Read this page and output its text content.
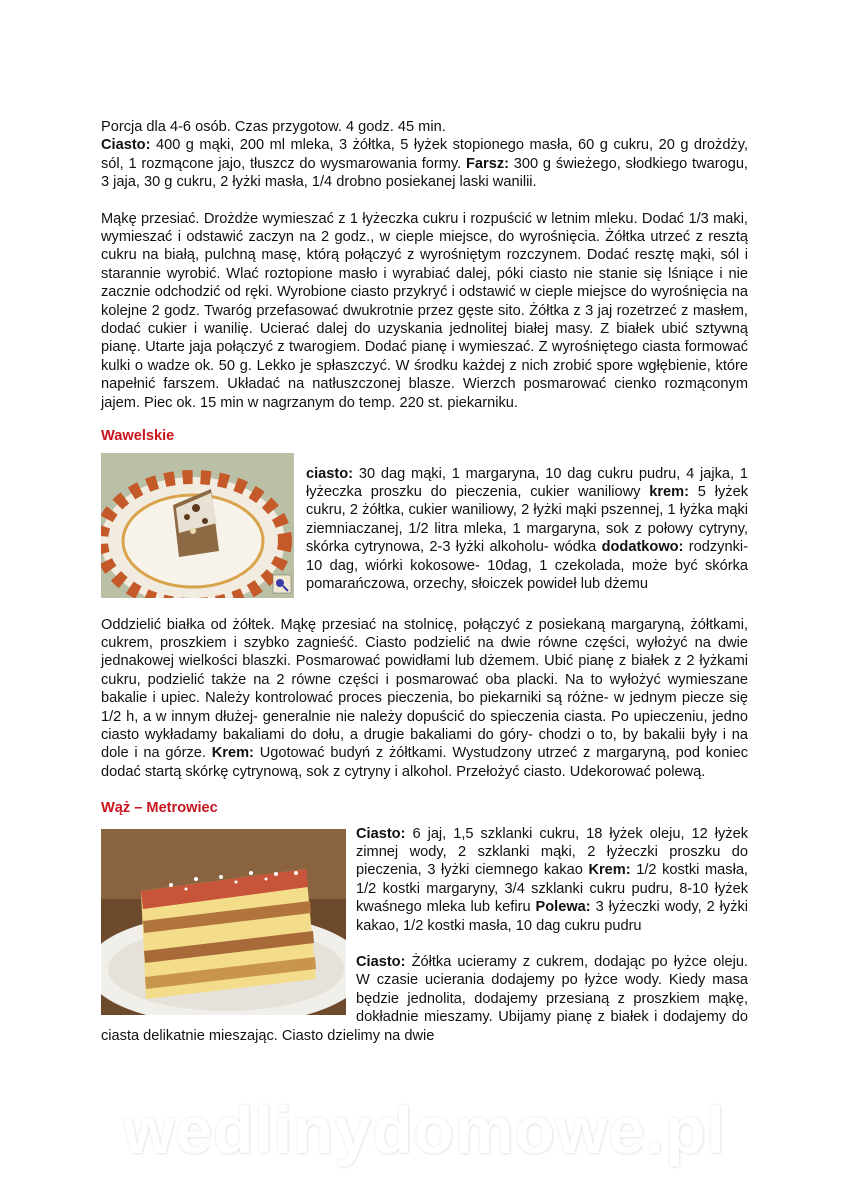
Porcja dla 4-6 osób. Czas przygotow. 4 godz. 45 min.
Ciasto: 400 g mąki, 200 ml mleka, 3 żółtka, 5 łyżek stopionego masła, 60 g cukru, 20 g drożdży, sól, 1 rozmącone jajo, tłuszcz do wysmarowania formy. Farsz: 300 g świeżego, słodkiego twarogu, 3 jaja, 30 g cukru, 2 łyżki masła, 1/4 drobno posiekanej laski wanilii.

Mąkę przesiać. Drożdże wymieszać z 1 łyżeczka cukru i rozpuścić w letnim mleku. Dodać 1/3 maki, wymieszać i odstawić zaczyn na 2 godz., w cieple miejsce, do wyrośnięcia. Żółtka utrzeć z resztą cukru na białą, pulchną masę, którą połączyć z wyrośniętym rozczynem. Dodać resztę mąki, sól i starannie wyrobić. Wlać roztopione masło i wyrabiać dalej, póki ciasto nie stanie się lśniące i nie zacznie odchodzić od ręki. Wyrobione ciasto przykryć i odstawić w cieple miejsce do wyrośnięcia na kolejne 2 godz. Twaróg przefasować dwukrotnie przez gęste sito. Żółtka z 3 jaj rozetrzeć z masłem, dodać cukier i wanilię. Ucierać dalej do uzyskania jednolitej białej masy. Z białek ubić sztywną pianę. Utarte jaja połączyć z twarogiem. Dodać pianę i wymieszać. Z wyrośniętego ciasta formować kulki o wadze ok. 50 g. Lekko je spłaszczyć. W środku każdej z nich zrobić spore wgłębienie, które napełnić farszem. Układać na natłuszczonej blasze. Wierzch posmarować cienko rozmąconym jajem. Piec ok. 15 min w nagrzanym do temp. 220 st. piekarniku.

Wawelskie

ciasto: 30 dag mąki, 1 margaryna, 10 dag cukru pudru, 4 jajka, 1 łyżeczka proszku do pieczenia, cukier waniliowy krem: 5 łyżek cukru, 2 żółtka, cukier waniliowy, 2 łyżki mąki pszennej, 1 łyżka mąki ziemniaczanej, 1/2 litra mleka, 1 margaryna, sok z połowy cytryny, skórka cytrynowa, 2-3 łyżki alkoholu- wódka dodatkowo: rodzynki-10 dag, wiórki kokosowe- 10dag, 1 czekolada, może być skórka pomarańczowa, orzechy, słoiczek powideł lub dżemu

Oddzielić białka od żółtek. Mąkę przesiać na stolnicę, połączyć z posiekaną margaryną, żółtkami, cukrem, proszkiem i szybko zagnieść. Ciasto podzielić na dwie równe części, wyłożyć na dwie jednakowej wielkości blaszki. Posmarować powidłami lub dżemem. Ubić pianę z białek z 2 łyżkami cukru, podzielić także na 2 równe części i posmarować oba placki. Na to wyłożyć wymieszane bakalie i upiec. Należy kontrolować proces pieczenia, bo piekarniki są różne- w jednym piecze się 1/2 h, a w innym dłużej- generalnie nie należy dopuścić do spieczenia ciasta. Po upieczeniu, jedno ciasto wykładamy bakaliami do dołu, a drugie bakaliami do góry- chodzi o to, by bakalii były i na dole i na górze. Krem: Ugotować budyń z żółtkami. Wystudzony utrzeć z margaryną, pod koniec dodać startą skórkę cytrynową, sok z cytryny i alkohol. Przełożyć ciasto. Udekorować polewą.

Wąż – Metrowiec

Ciasto: 6 jaj, 1,5 szklanki cukru, 18 łyżek oleju, 12 łyżek zimnej wody, 2 szklanki mąki, 2 łyżeczki proszku do pieczenia, 3 łyżki ciemnego kakao Krem: 1/2 kostki masła, 1/2 kostki margaryny, 3/4 szklanki cukru pudru, 8-10 łyżek kwaśnego mleka lub kefiru Polewa: 3 łyżeczki wody, 2 łyżki kakao, 1/2 kostki masła, 10 dag cukru pudru

Ciasto: Żółtka ucieramy z cukrem, dodając po łyżce oleju. W czasie ucierania dodajemy po łyżce wody. Kiedy masa będzie jednolita, dodajemy przesianą z proszkiem mąkę, dokładnie mieszamy. Ubijamy pianę z białek i dodajemy do ciasta delikatnie mieszając. Ciasto dzielimy na dwie

wedlinydomowe.pl
